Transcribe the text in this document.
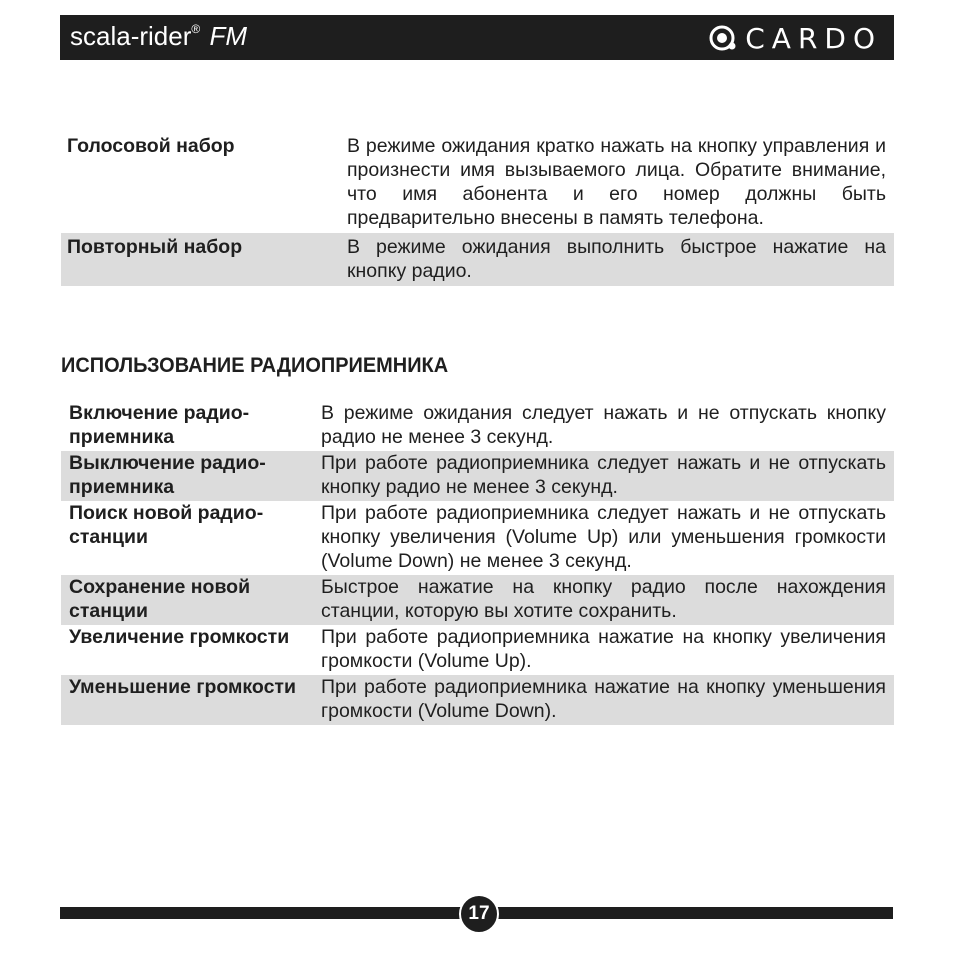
scala-rider® FM	CARDO
Голосовой набор	В режиме ожидания кратко нажать на кнопку управления и произнести имя вызываемого лица. Обратите внимание, что имя абонента и его номер должны быть предварительно внесены в память телефона.
Повторный набор	В режиме ожидания выполнить быстрое нажатие на кнопку радио.
ИСПОЛЬЗОВАНИЕ РАДИОПРИЕМНИКА
Включение радиоприемника	В режиме ожидания следует нажать и не отпускать кнопку радио не менее 3 секунд.
Выключение радиоприемника	При работе радиоприемника следует нажать и не отпускать кнопку радио не менее 3 секунд.
Поиск новой радиостанции	При работе радиоприемника следует нажать и не отпускать кнопку увеличения (Volume Up) или уменьшения громкости (Volume Down) не менее 3 секунд.
Сохранение новой станции	Быстрое нажатие на кнопку радио после нахождения станции, которую вы хотите сохранить.
Увеличение громкости	При работе радиоприемника нажатие на кнопку увеличения громкости (Volume Up).
Уменьшение громкости	При работе радиоприемника нажатие на кнопку уменьшения громкости (Volume Down).
17
